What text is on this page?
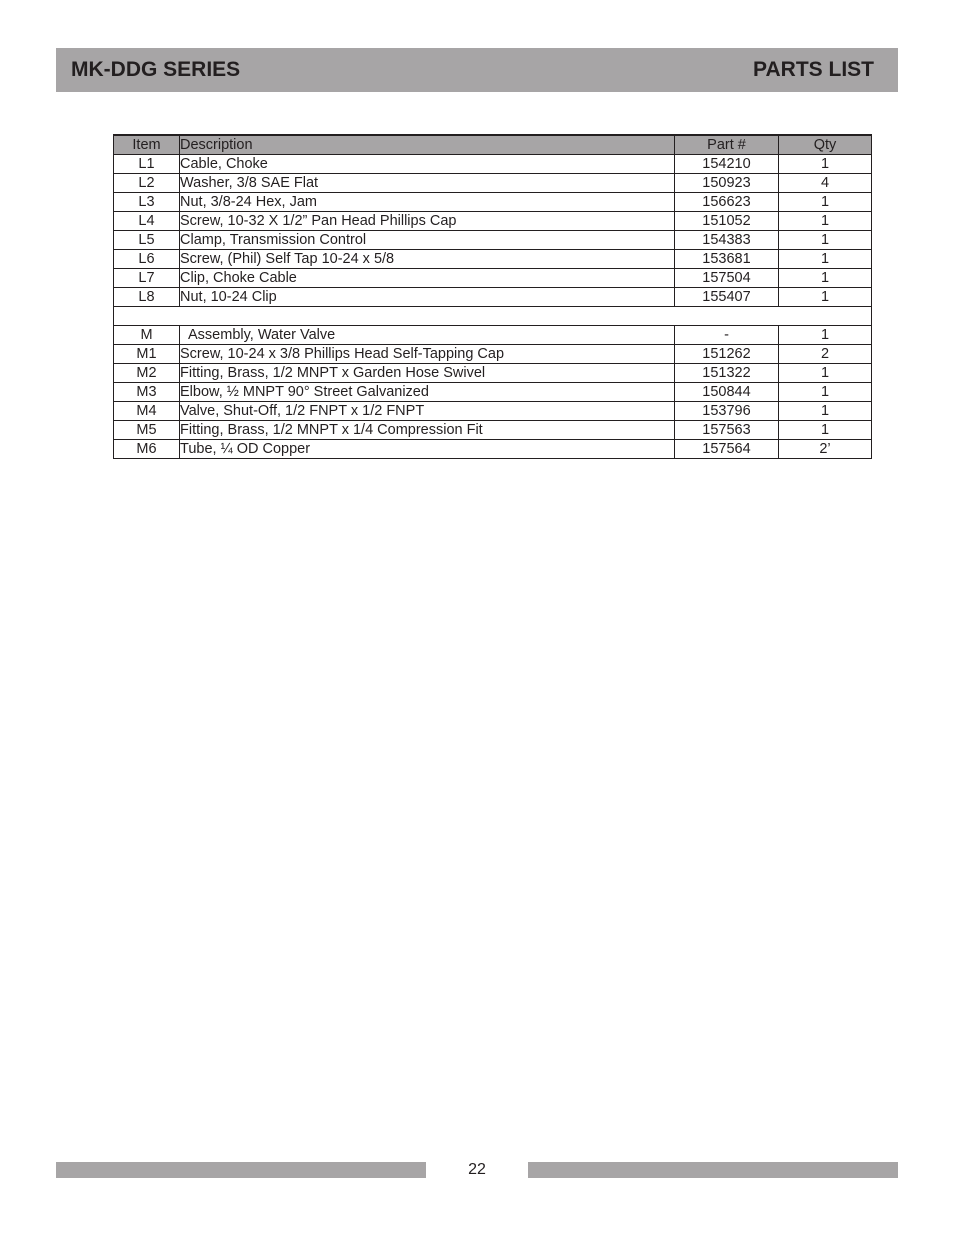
MK-DDG SERIES	PARTS LIST
Item	Description	Part #	Qty
L1	Cable, Choke	154210	1
L2	Washer, 3/8 SAE Flat	150923	4
L3	Nut, 3/8-24 Hex, Jam	156623	1
L4	Screw, 10-32 X 1/2” Pan Head Phillips Cap	151052	1
L5	Clamp, Transmission Control	154383	1
L6	Screw, (Phil) Self Tap 10-24 x 5/8	153681	1
L7	Clip, Choke Cable	157504	1
L8	Nut, 10-24 Clip	155407	1

M	Assembly, Water Valve	-	1
M1	Screw, 10-24 x 3/8 Phillips Head Self-Tapping Cap	151262	2
M2	Fitting, Brass, 1/2 MNPT x Garden Hose Swivel	151322	1
M3	Elbow, ½ MNPT 90° Street Galvanized	150844	1
M4	Valve, Shut-Off, 1/2 FNPT x 1/2 FNPT	153796	1
M5	Fitting, Brass, 1/2 MNPT x 1/4 Compression Fit	157563	1
M6	Tube, ¼ OD Copper	157564	2’
22
